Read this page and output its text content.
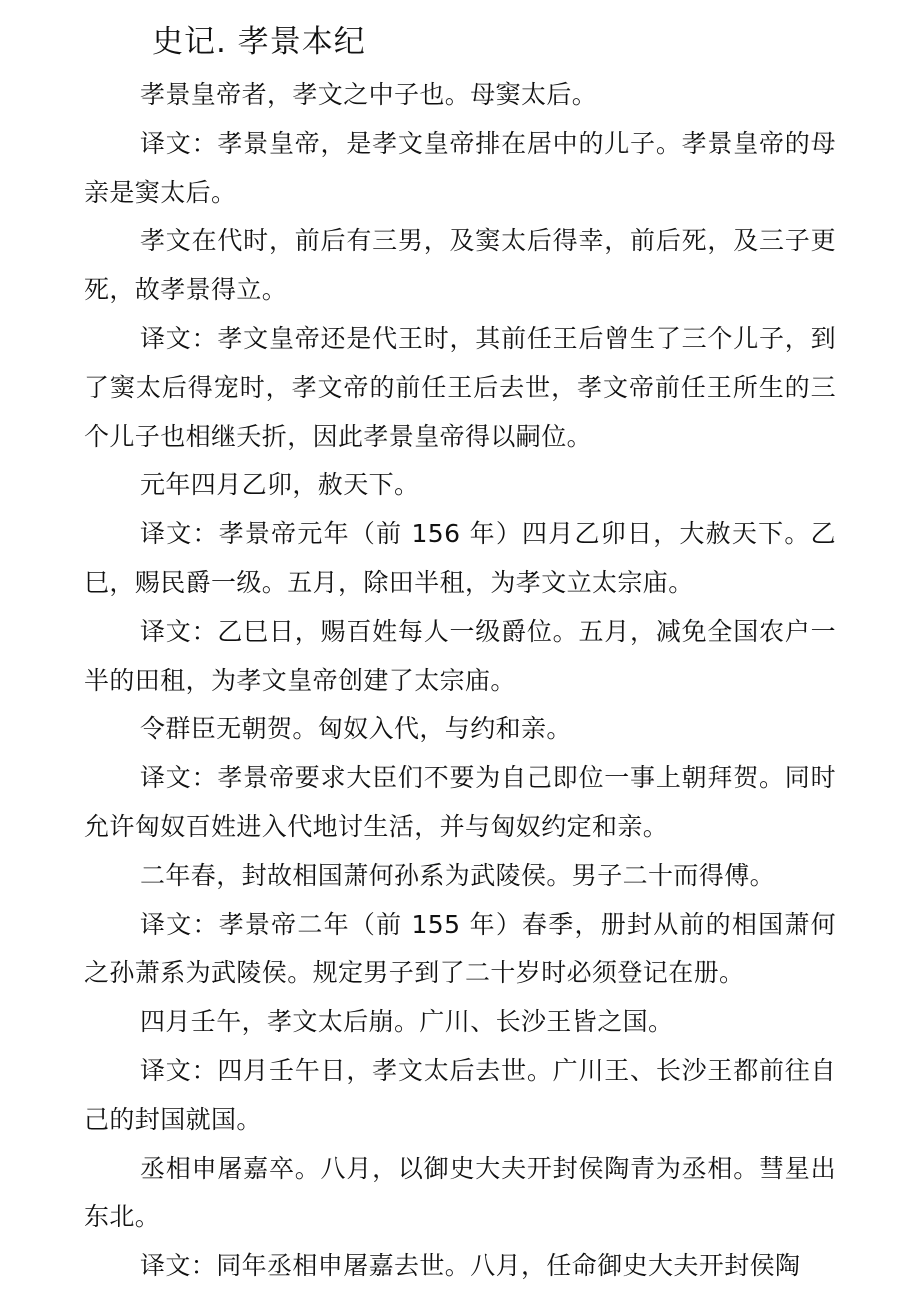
史记. 孝景本纪

孝景皇帝者，孝文之中子也。母窦太后。

译文：孝景皇帝，是孝文皇帝排在居中的儿子。孝景皇帝的母亲是窦太后。

孝文在代时，前后有三男，及窦太后得幸，前后死，及三子更死，故孝景得立。

译文：孝文皇帝还是代王时，其前任王后曾生了三个儿子，到了窦太后得宠时，孝文帝的前任王后去世，孝文帝前任王所生的三个儿子也相继夭折，因此孝景皇帝得以嗣位。

元年四月乙卯，赦天下。

译文：孝景帝元年（前 156 年）四月乙卯日，大赦天下。乙巳，赐民爵一级。五月，除田半租，为孝文立太宗庙。

译文：乙巳日，赐百姓每人一级爵位。五月，减免全国农户一半的田租，为孝文皇帝创建了太宗庙。

令群臣无朝贺。匈奴入代，与约和亲。

译文：孝景帝要求大臣们不要为自己即位一事上朝拜贺。同时允许匈奴百姓进入代地讨生活，并与匈奴约定和亲。

二年春，封故相国萧何孙系为武陵侯。男子二十而得傅。

译文：孝景帝二年（前 155 年）春季，册封从前的相国萧何之孙萧系为武陵侯。规定男子到了二十岁时必须登记在册。

四月壬午，孝文太后崩。广川、长沙王皆之国。

译文：四月壬午日，孝文太后去世。广川王、长沙王都前往自己的封国就国。

丞相申屠嘉卒。八月，以御史大夫开封侯陶青为丞相。彗星出东北。

译文：同年丞相申屠嘉去世。八月，任命御史大夫开封侯陶
